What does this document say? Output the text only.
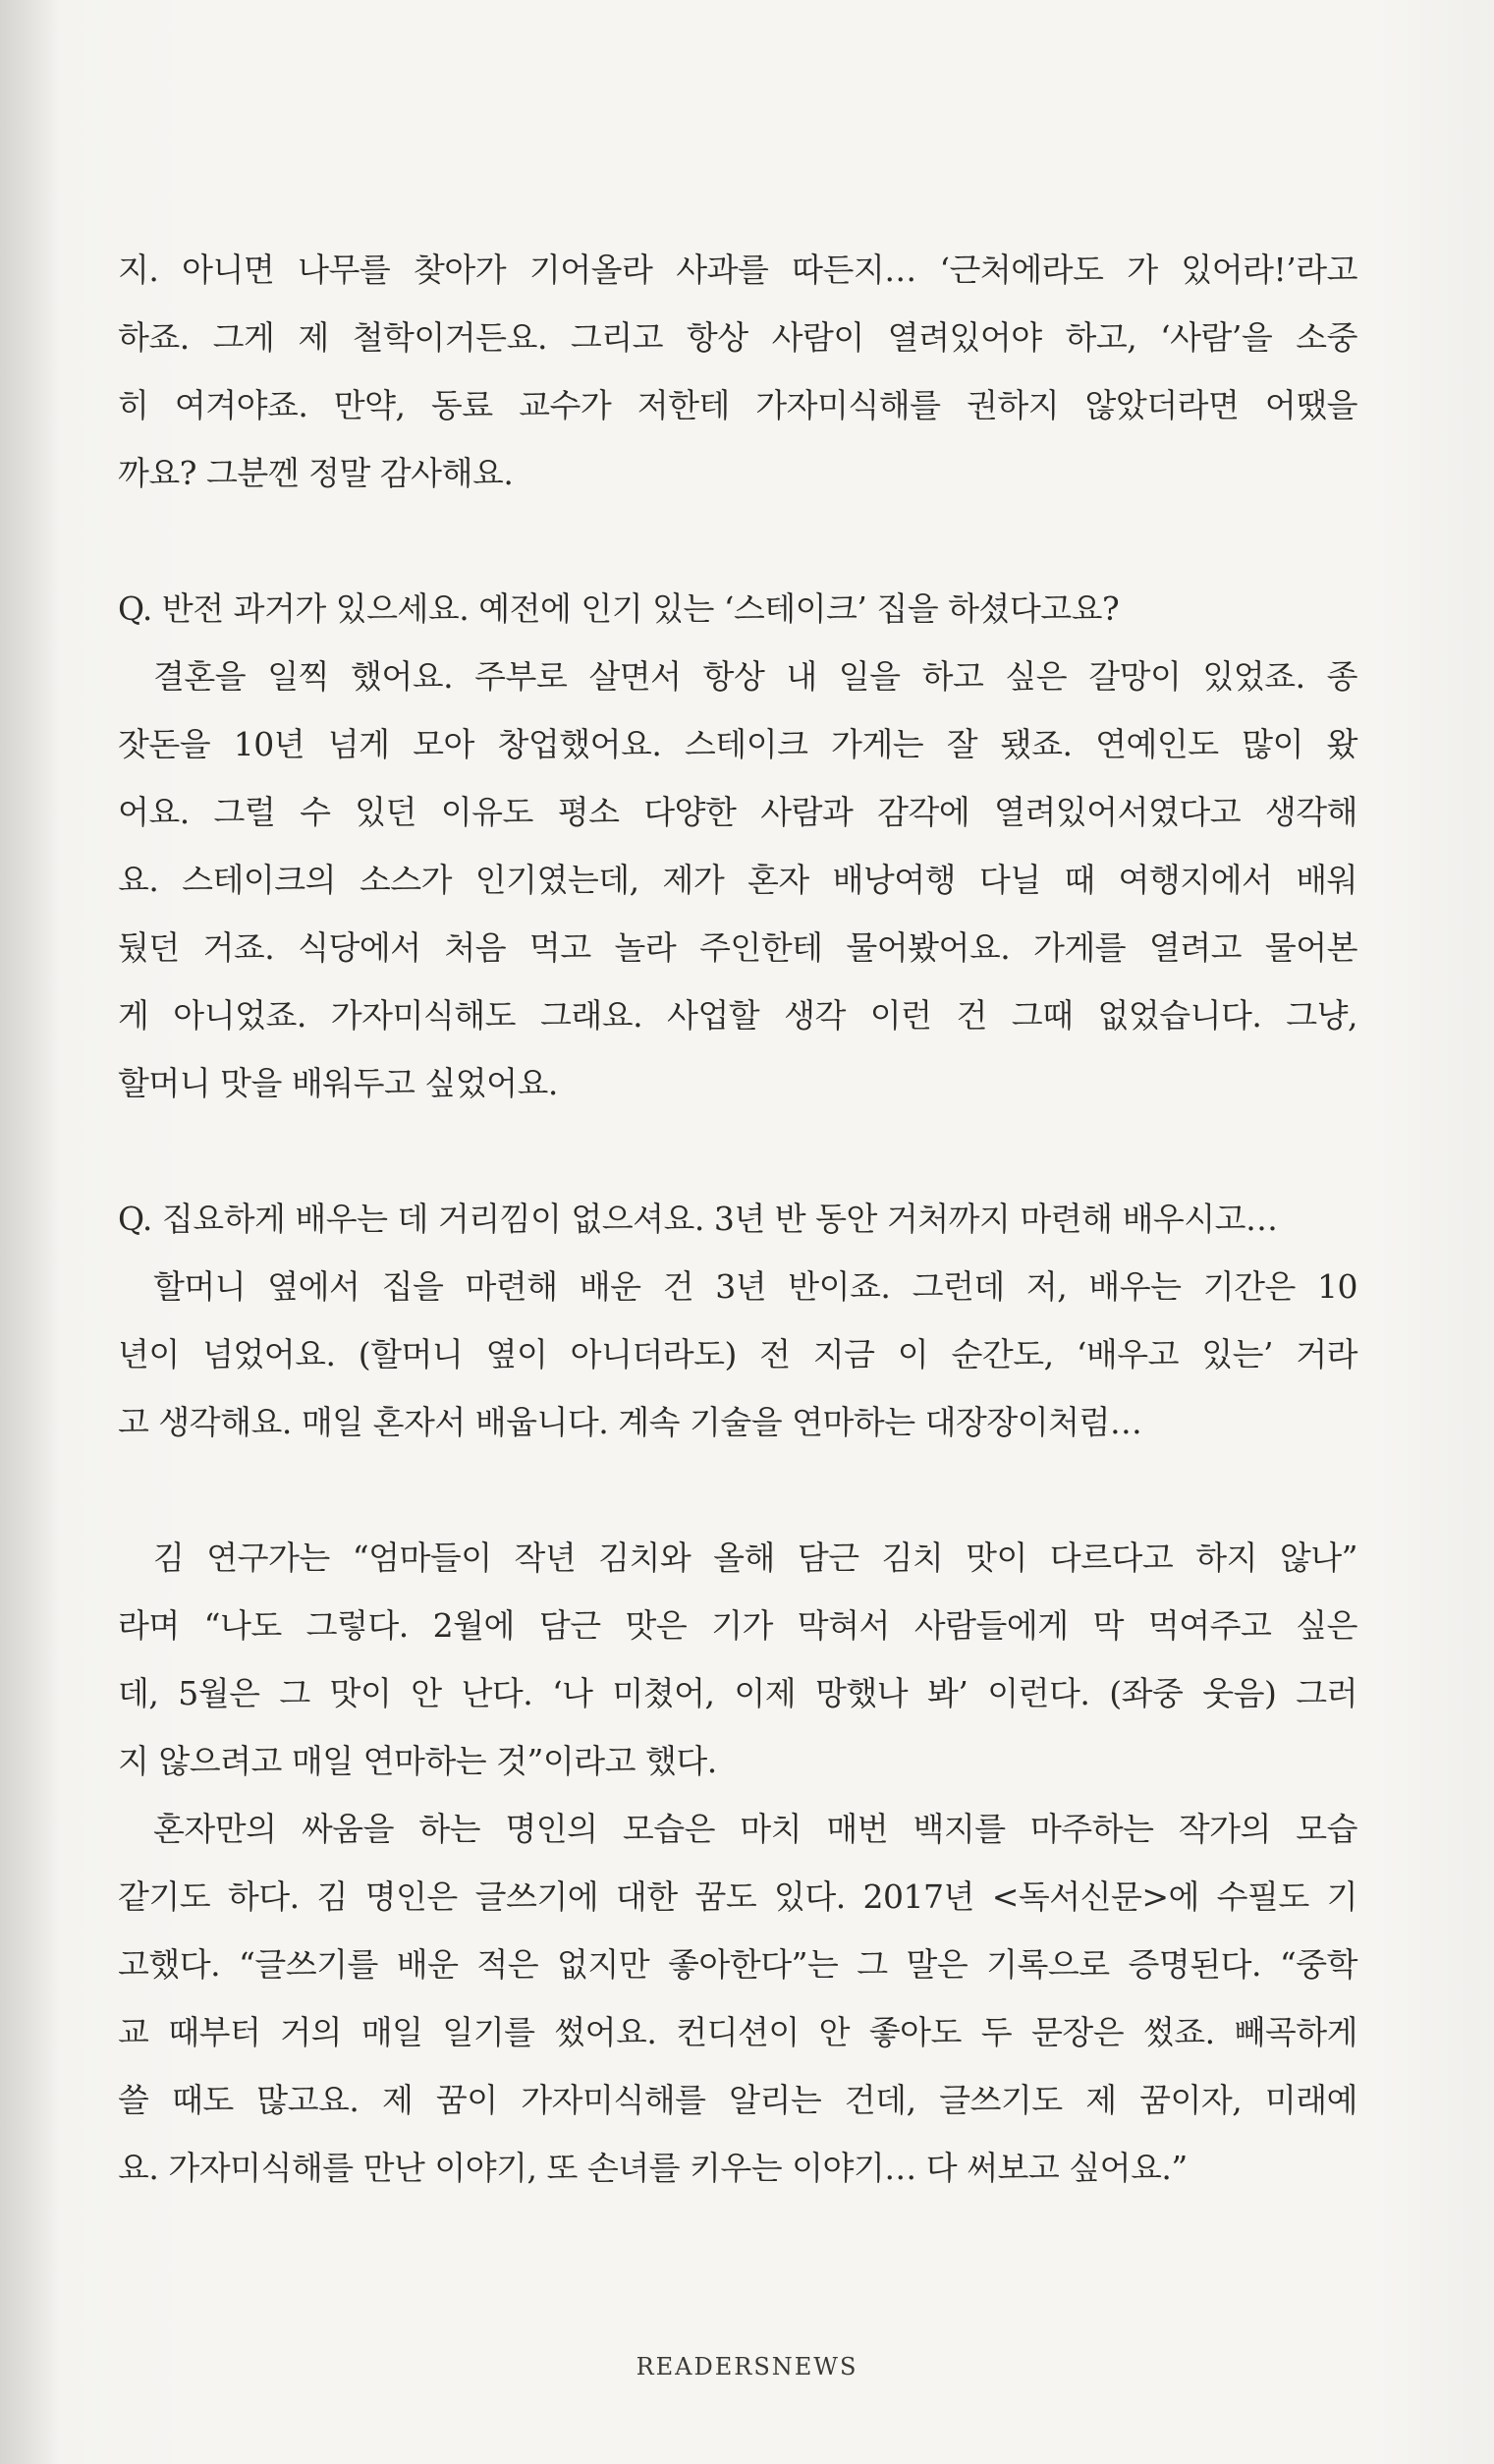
지. 아니면 나무를 찾아가 기어올라 사과를 따든지… ‘근처에라도 가 있어라!’라고
하죠. 그게 제 철학이거든요. 그리고 항상 사람이 열려있어야 하고, ‘사람’을 소중
히 여겨야죠. 만약, 동료 교수가 저한테 가자미식해를 권하지 않았더라면 어땠을
까요? 그분껜 정말 감사해요.
Q. 반전 과거가 있으세요. 예전에 인기 있는 ‘스테이크’ 집을 하셨다고요?
결혼을 일찍 했어요. 주부로 살면서 항상 내 일을 하고 싶은 갈망이 있었죠. 종
잣돈을 10년 넘게 모아 창업했어요. 스테이크 가게는 잘 됐죠. 연예인도 많이 왔
어요. 그럴 수 있던 이유도 평소 다양한 사람과 감각에 열려있어서였다고 생각해
요. 스테이크의 소스가 인기였는데, 제가 혼자 배낭여행 다닐 때 여행지에서 배워
뒀던 거죠. 식당에서 처음 먹고 놀라 주인한테 물어봤어요. 가게를 열려고 물어본
게 아니었죠. 가자미식해도 그래요. 사업할 생각 이런 건 그때 없었습니다. 그냥,
할머니 맛을 배워두고 싶었어요.
Q. 집요하게 배우는 데 거리낌이 없으셔요. 3년 반 동안 거처까지 마련해 배우시고…
할머니 옆에서 집을 마련해 배운 건 3년 반이죠. 그런데 저, 배우는 기간은 10
년이 넘었어요. (할머니 옆이 아니더라도) 전 지금 이 순간도, ‘배우고 있는’ 거라
고 생각해요. 매일 혼자서 배웁니다. 계속 기술을 연마하는 대장장이처럼…
김 연구가는 “엄마들이 작년 김치와 올해 담근 김치 맛이 다르다고 하지 않나”
라며 “나도 그렇다. 2월에 담근 맛은 기가 막혀서 사람들에게 막 먹여주고 싶은
데, 5월은 그 맛이 안 난다. ‘나 미쳤어, 이제 망했나 봐’ 이런다. (좌중 웃음) 그러
지 않으려고 매일 연마하는 것”이라고 했다.
혼자만의 싸움을 하는 명인의 모습은 마치 매번 백지를 마주하는 작가의 모습
같기도 하다. 김 명인은 글쓰기에 대한 꿈도 있다. 2017년 <독서신문>에 수필도 기
고했다. “글쓰기를 배운 적은 없지만 좋아한다”는 그 말은 기록으로 증명된다. “중학
교 때부터 거의 매일 일기를 썼어요. 컨디션이 안 좋아도 두 문장은 썼죠. 빼곡하게
쓸 때도 많고요. 제 꿈이 가자미식해를 알리는 건데, 글쓰기도 제 꿈이자, 미래예
요. 가자미식해를 만난 이야기, 또 손녀를 키우는 이야기… 다 써보고 싶어요.”
READERSNEWS
